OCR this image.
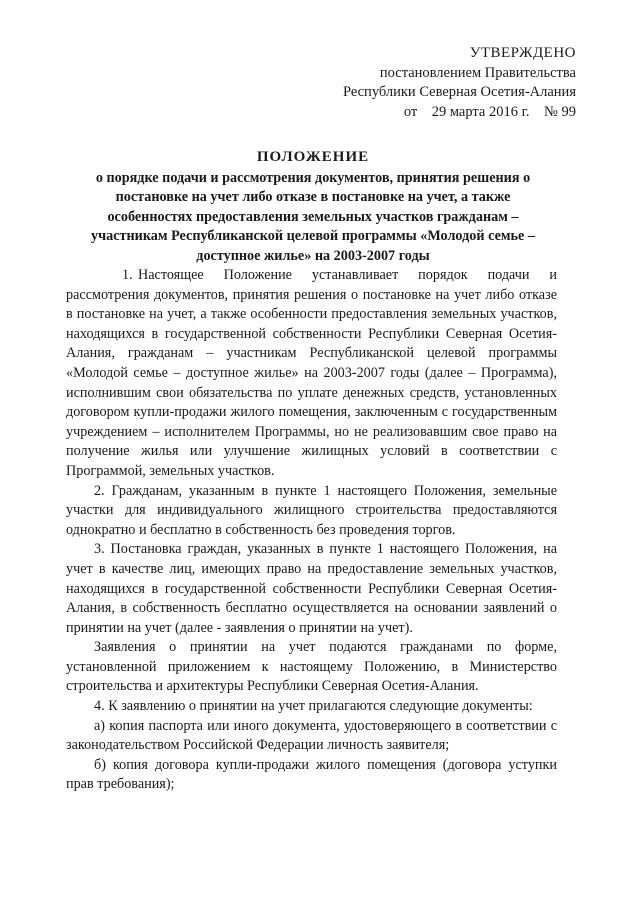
УТВЕРЖДЕНО
постановлением Правительства
Республики Северная Осетия-Алания
от    29 марта 2016 г.    № 99
ПОЛОЖЕНИЕ
о порядке подачи и рассмотрения документов, принятия решения о
постановке на учет либо отказе в постановке на учет, а также
особенностях предоставления земельных участков гражданам –
участникам Республиканской целевой программы «Молодой семье –
доступное жилье» на 2003-2007 годы

1. Настоящее Положение устанавливает порядок подачи и рассмотрения документов, принятия решения о постановке на учет либо отказе в постановке на учет, а также особенности предоставления земельных участков, находящихся в государственной собственности Республики Северная Осетия-Алания, гражданам – участникам Республиканской целевой программы «Молодой семье – доступное жилье» на 2003-2007 годы (далее – Программа), исполнившим свои обязательства по уплате денежных средств, установленных договором купли-продажи жилого помещения, заключенным с государственным учреждением – исполнителем Программы, но не реализовавшим свое право на получение жилья или улучшение жилищных условий в соответствии с Программой, земельных участков.

2. Гражданам, указанным в пункте 1 настоящего Положения, земельные участки для индивидуального жилищного строительства предоставляются однократно и бесплатно в собственность без проведения торгов.

3. Постановка граждан, указанных в пункте 1 настоящего Положения, на учет в качестве лиц, имеющих право на предоставление земельных участков, находящихся в государственной собственности Республики Северная Осетия-Алания, в собственность бесплатно осуществляется на основании заявлений о принятии на учет (далее - заявления о принятии на учет).

Заявления о принятии на учет подаются гражданами по форме, установленной приложением к настоящему Положению, в Министерство строительства и архитектуры Республики Северная Осетия-Алания.

4. К заявлению о принятии на учет прилагаются следующие документы:

а) копия паспорта или иного документа, удостоверяющего в соответствии с законодательством Российской Федерации личность заявителя;

б) копия договора купли-продажи жилого помещения (договора уступки прав требования);
